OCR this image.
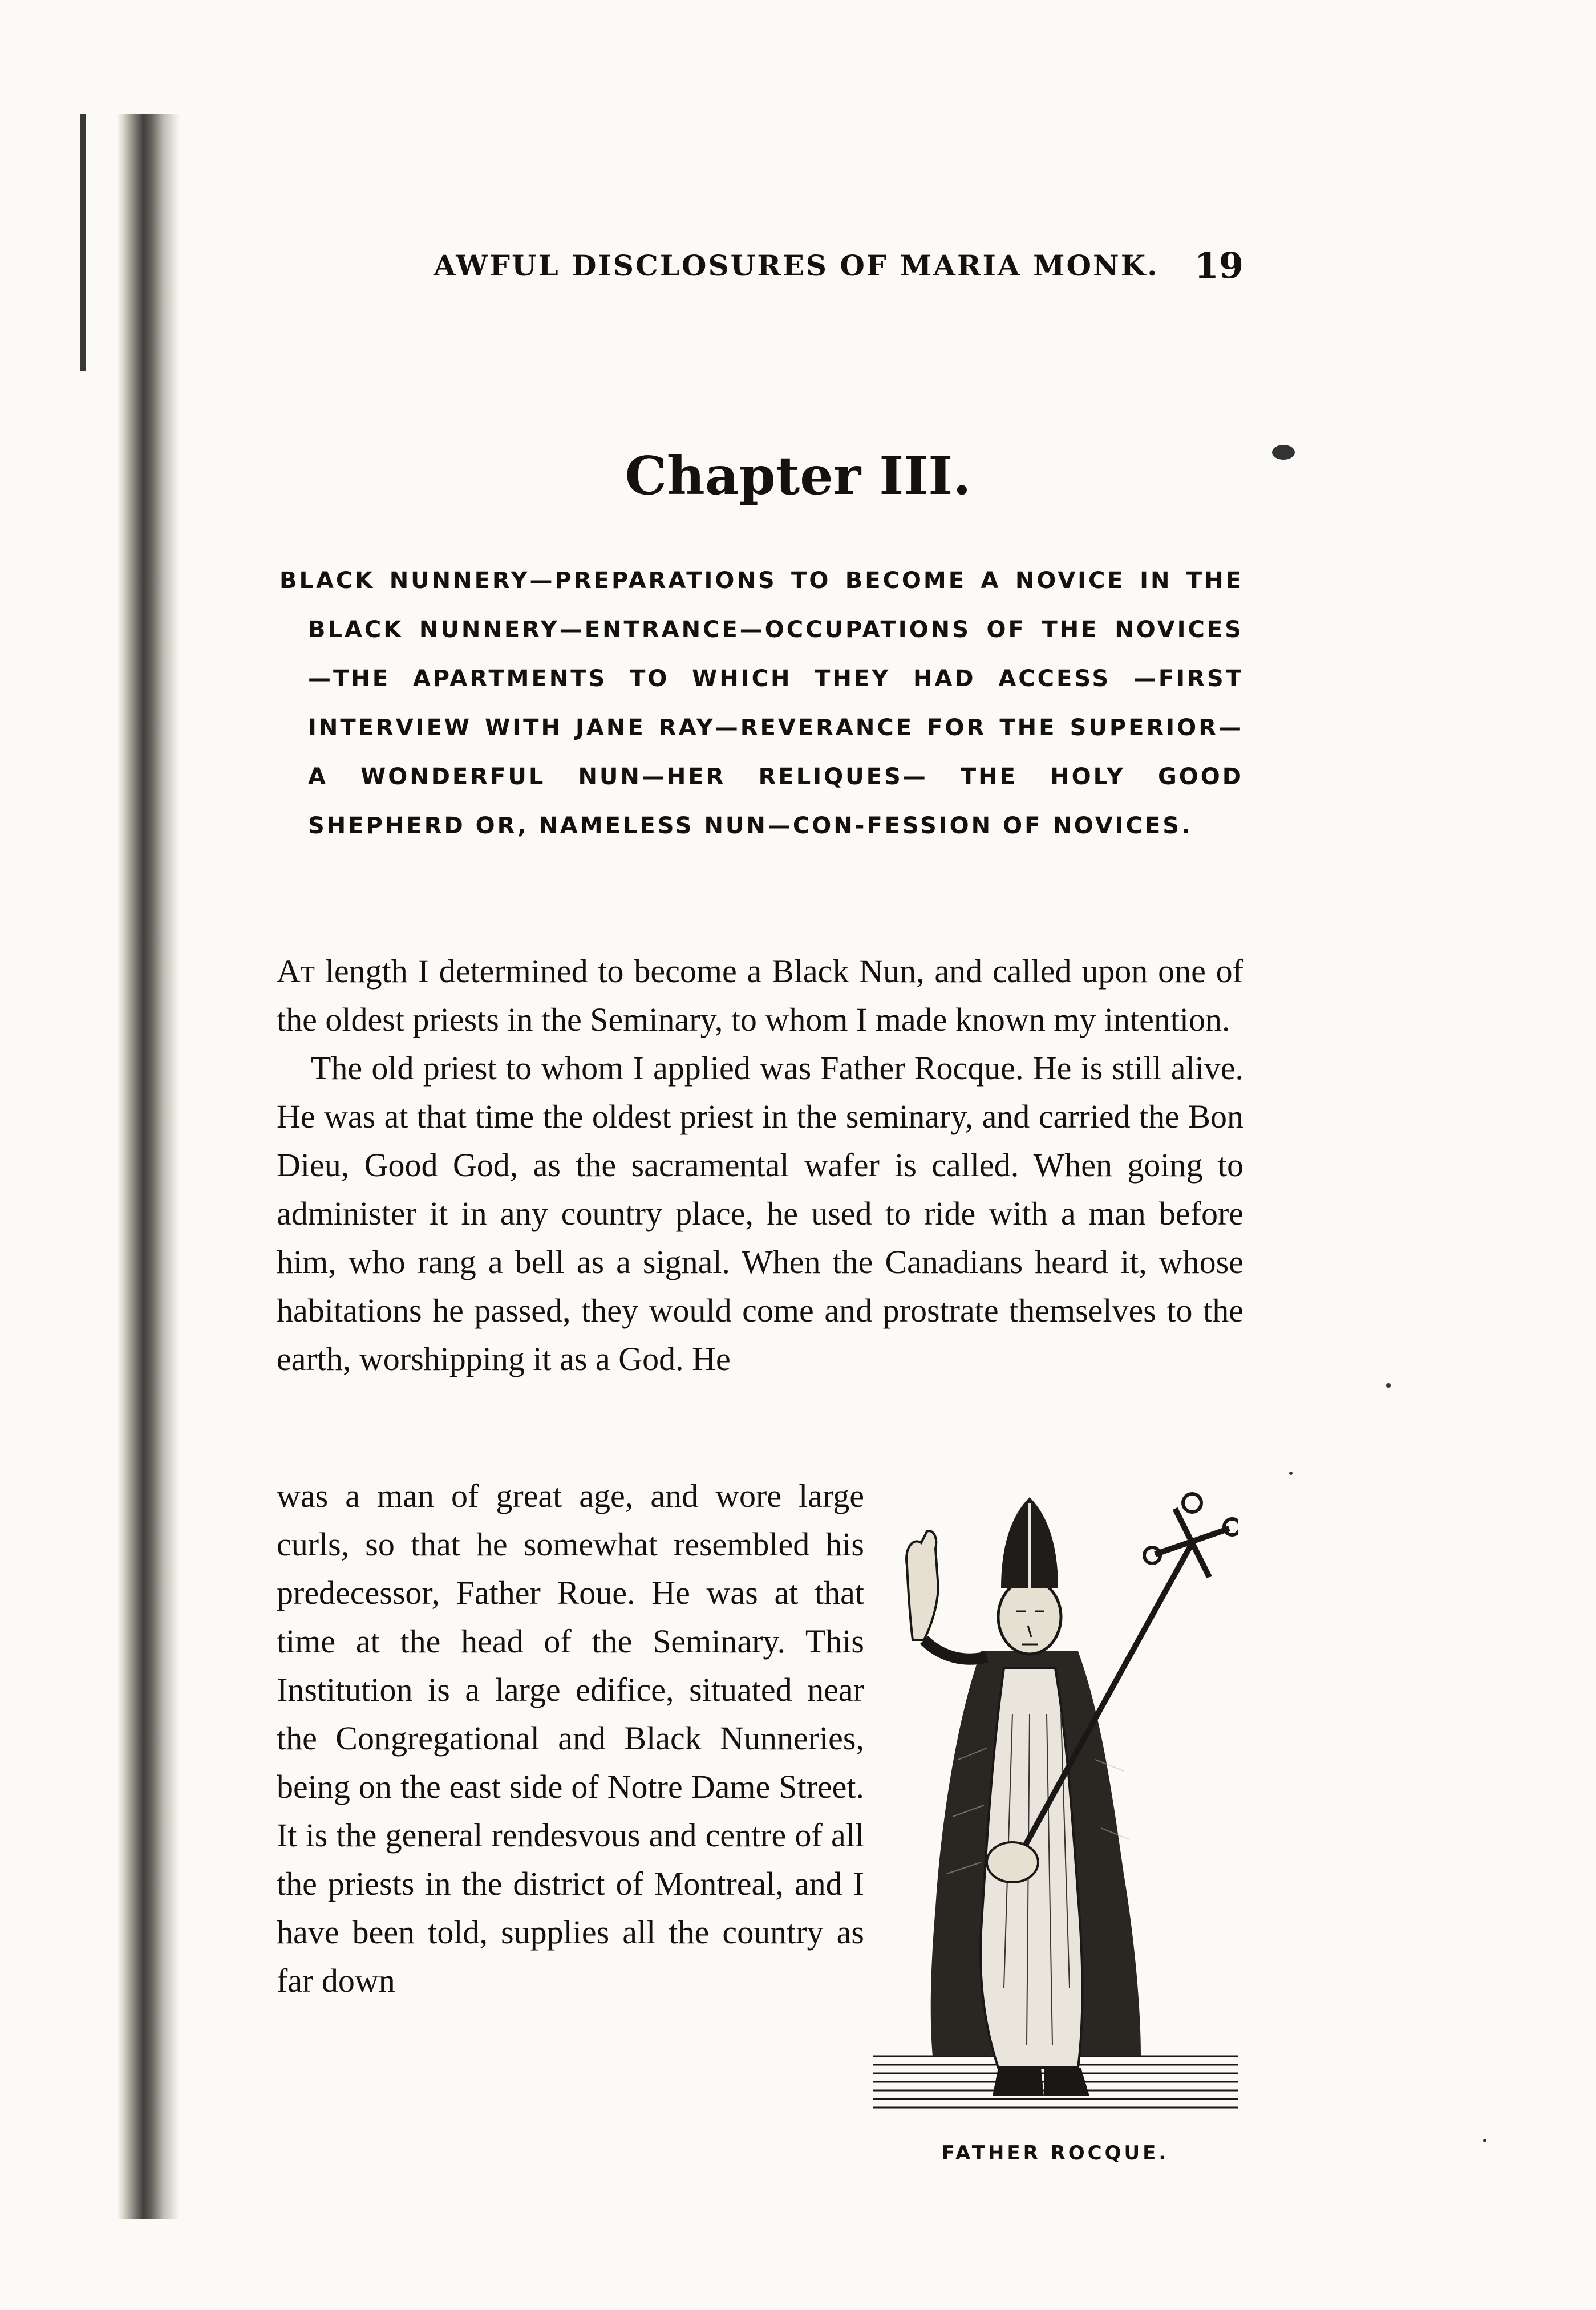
AWFUL DISCLOSURES OF MARIA MONK. 19
Chapter III.
BLACK NUNNERY—PREPARATIONS TO BECOME A NOVICE IN THE BLACK NUNNERY—ENTRANCE—OCCUPATIONS OF THE NOVICES—THE APARTMENTS TO WHICH THEY HAD ACCESS —FIRST INTERVIEW WITH JANE RAY—REVERANCE FOR THE SUPERIOR—A WONDERFUL NUN—HER RELIQUES— THE HOLY GOOD SHEPHERD OR, NAMELESS NUN—CON-FESSION OF NOVICES.

At length I determined to become a Black Nun, and called upon one of the oldest priests in the Seminary, to whom I made known my intention.

The old priest to whom I applied was Father Rocque. He is still alive. He was at that time the oldest priest in the seminary, and carried the Bon Dieu, Good God, as the sacramental wafer is called. When going to administer it in any country place, he used to ride with a man before him, who rang a bell as a signal. When the Canadians heard it, whose habitations he passed, they would come and prostrate themselves to the earth, worshipping it as a God. He

was a man of great age, and wore large curls, so that he somewhat resembled his predecessor, Father Roue. He was at that time at the head of the Seminary. This Institution is a large edifice, situated near the Congregational and Black Nunneries, being on the east side of Notre Dame Street. It is the general rendesvous and centre of all the priests in the district of Montreal, and I have been told, supplies all the country as far down
FATHER ROCQUE.
